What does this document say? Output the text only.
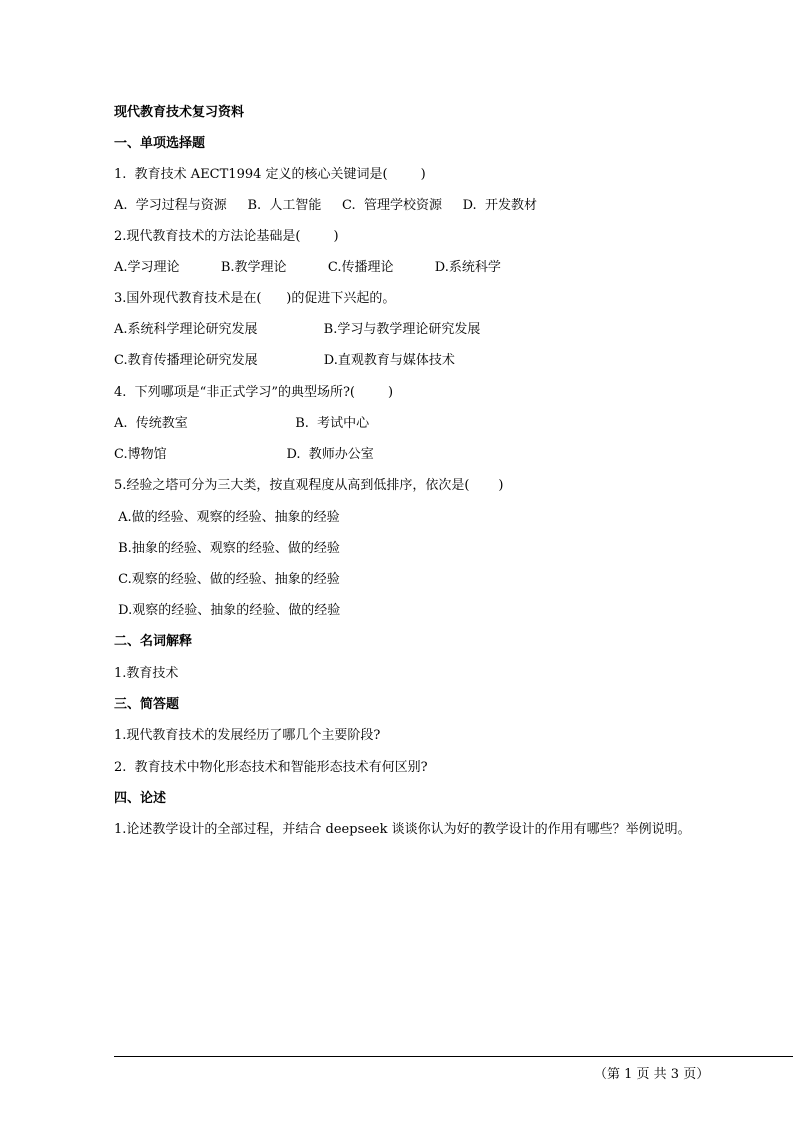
现代教育技术复习资料
一、单项选择题
1.  教育技术 AECT1994 定义的核心关键词是(        )
A.  学习过程与资源     B.  人工智能     C.  管理学校资源     D.  开发教材
2.现代教育技术的方法论基础是(        )
A.学习理论          B.教学理论          C.传播理论          D.系统科学
3.国外现代教育技术是在(      )的促进下兴起的。
A.系统科学理论研究发展                B.学习与教学理论研究发展
C.教育传播理论研究发展                D.直观教育与媒体技术
4.  下列哪项是“非正式学习”的典型场所?(        )
A.  传统教室                          B.  考试中心
C.博物馆                             D.  教师办公室
5.经验之塔可分为三大类，按直观程度从高到低排序，依次是(       )
A.做的经验、观察的经验、抽象的经验
B.抽象的经验、观察的经验、做的经验
C.观察的经验、做的经验、抽象的经验
D.观察的经验、抽象的经验、做的经验
二、名词解释
1.教育技术
三、简答题
1.现代教育技术的发展经历了哪几个主要阶段?
2.  教育技术中物化形态技术和智能形态技术有何区别?
四、论述
1.论述教学设计的全部过程，并结合 deepseek 谈谈你认为好的教学设计的作用有哪些？举例说明。
（第 1 页 共 3 页）
